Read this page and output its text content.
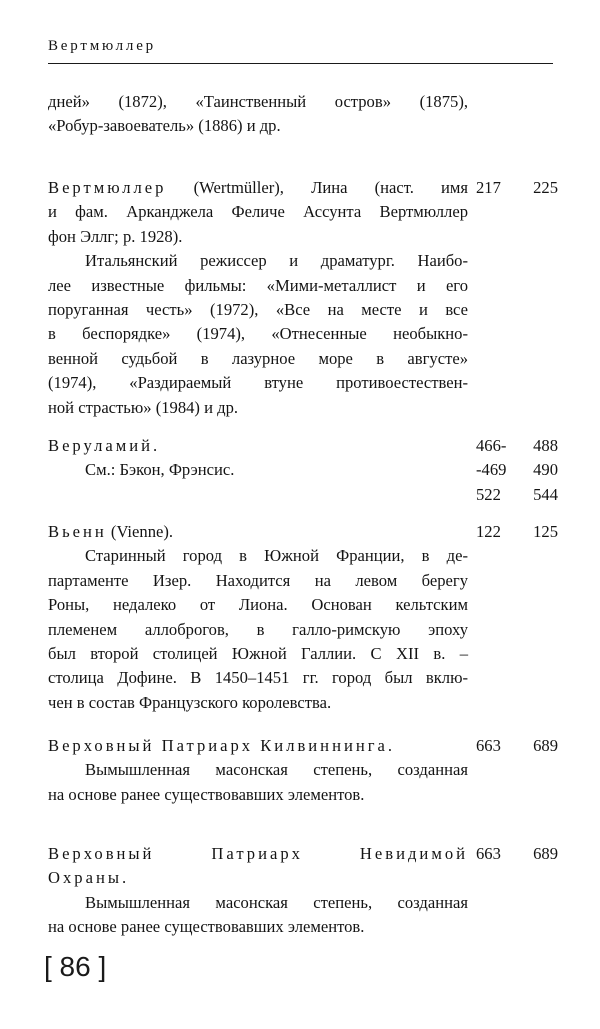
Вертмюллер
дней» (1872), «Таинственный остров» (1875),
«Робур-завоеватель» (1886) и др.
Вертмюллер (Wertmüller), Лина (наст. имя
и фам. Арканджела Феличе Ассунта Вертмюллер
фон Эллг; р. 1928).
Итальянский режиссер и драматург. Наибо-
лее известные фильмы: «Мими-металлист и его
поруганная честь» (1972), «Все на месте и все
в беспорядке» (1974), «Отнесенные необыкно-
венной судьбой в лазурное море в августе»
(1974), «Раздираемый втуне противоестествен-
ной страстью» (1984) и др.
217 225
Веруламий.
См.: Бэкон, Фрэнсис.
466- 488
-469 490
522 544
Вьенн (Vienne).
Старинный город в Южной Франции, в де-
партаменте Изер. Находится на левом берегу
Роны, недалеко от Лиона. Основан кельтским
племенем аллоброгов, в галло-римскую эпоху
был второй столицей Южной Галлии. С XII в. –
столица Дофине. В 1450–1451 гг. город был вклю-
чен в состав Французского королевства.
122 125
Верховный Патриарх Килвиннинга.
Вымышленная масонская степень, созданная
на основе ранее существовавших элементов.
663 689
Верховный Патриарх Невидимой
Охраны.
Вымышленная масонская степень, созданная
на основе ранее существовавших элементов.
663 689
[ 86 ]
